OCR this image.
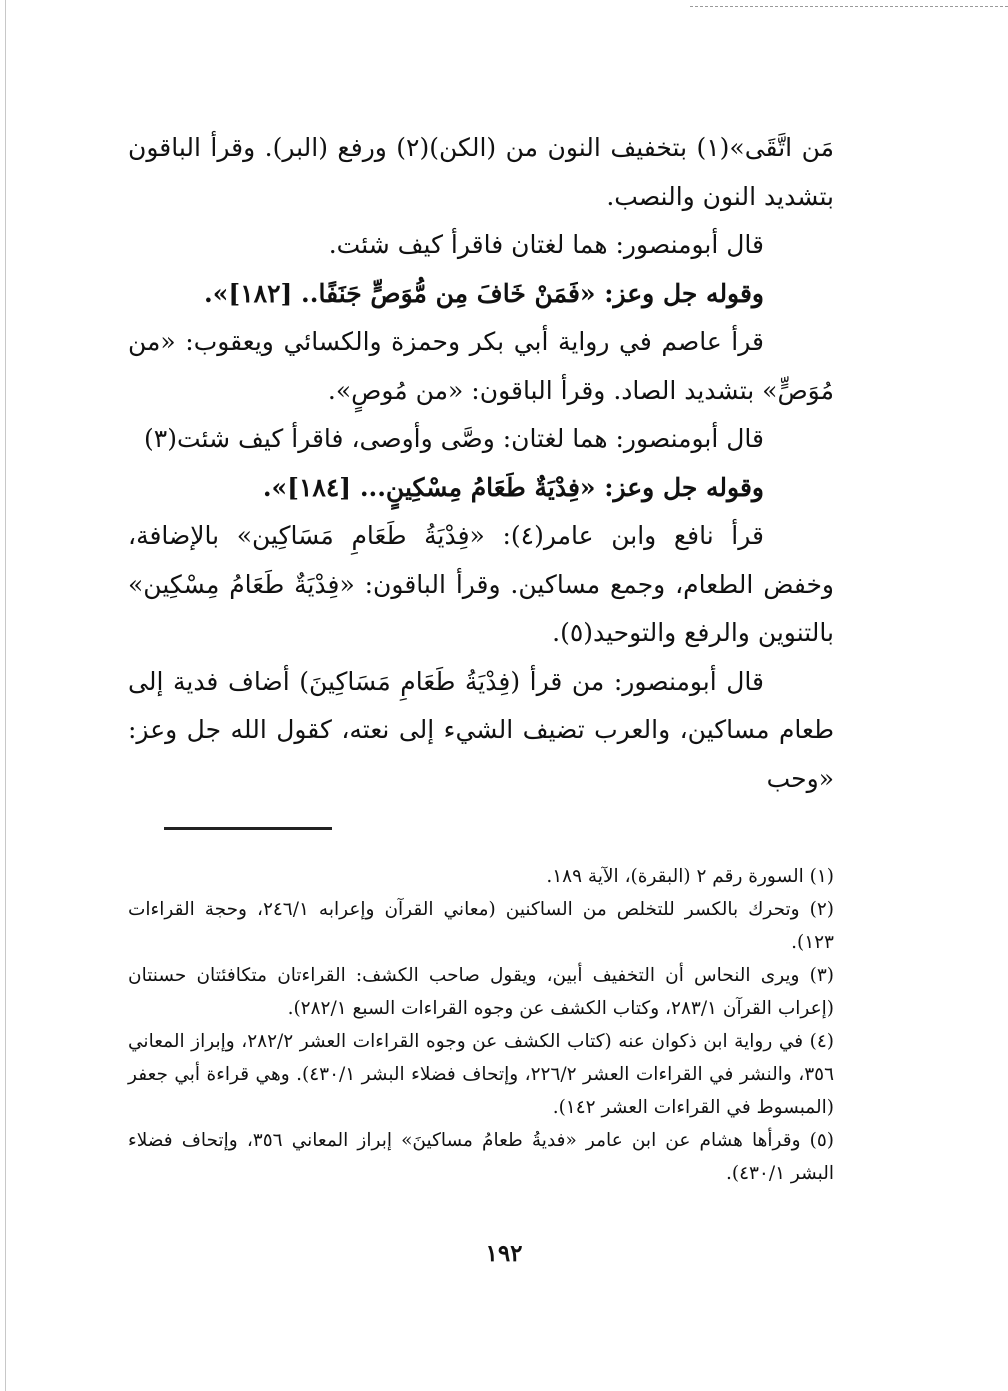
مَن اتَّقَى»(١) بتخفيف النون من (الكن)(٢) ورفع (البر). وقرأ الباقون بتشديد النون والنصب.

قال أبومنصور: هما لغتان فاقرأ كيف شئت.

وقوله جل وعز: «فَمَنْ خَافَ مِن مُّوَصٍّ جَنَفًا.. [١٨٢]».

قرأ عاصم في رواية أبي بكر وحمزة والكسائي ويعقوب: «من مُوَصٍّ» بتشديد الصاد. وقرأ الباقون: «من مُوصٍ».

قال أبومنصور: هما لغتان: وصَّى وأوصى، فاقرأ كيف شئت(٣)

وقوله جل وعز: «فِدْيَةٌ طَعَامُ مِسْكِينٍ... [١٨٤]».

قرأ نافع وابن عامر(٤): «فِدْيَةُ طَعَامِ مَسَاكِين» بالإضافة، وخفض الطعام، وجمع مساكين. وقرأ الباقون: «فِدْيَةٌ طَعَامُ مِسْكِين» بالتنوين والرفع والتوحيد(٥).

قال أبومنصور: من قرأ (فِدْيَةُ طَعَامِ مَسَاكِينَ) أضاف فدية إلى طعام مساكين، والعرب تضيف الشيء إلى نعته، كقول الله جل وعز: «وحب

(١) السورة رقم ٢ (البقرة)، الآية ١٨٩.

(٢) وتحرك بالكسر للتخلص من الساكنين (معاني القرآن وإعرابه ٢٤٦/١، وحجة القراءات ١٢٣).

(٣) ويرى النحاس أن التخفيف أبين، ويقول صاحب الكشف: القراءتان متكافئتان حسنتان (إعراب القرآن ٢٨٣/١، وكتاب الكشف عن وجوه القراءات السبع ٢٨٢/١).

(٤) في رواية ابن ذكوان عنه (كتاب الكشف عن وجوه القراءات العشر ٢٨٢/٢، وإبراز المعاني ٣٥٦، والنشر في القراءات العشر ٢٢٦/٢، وإتحاف فضلاء البشر ٤٣٠/١). وهي قراءة أبي جعفر (المبسوط في القراءات العشر ١٤٢).

(٥) وقرأها هشام عن ابن عامر «فديةُ طعامُ مساكينَ» إبراز المعاني ٣٥٦، وإتحاف فضلاء البشر ٤٣٠/١).

١٩٢
